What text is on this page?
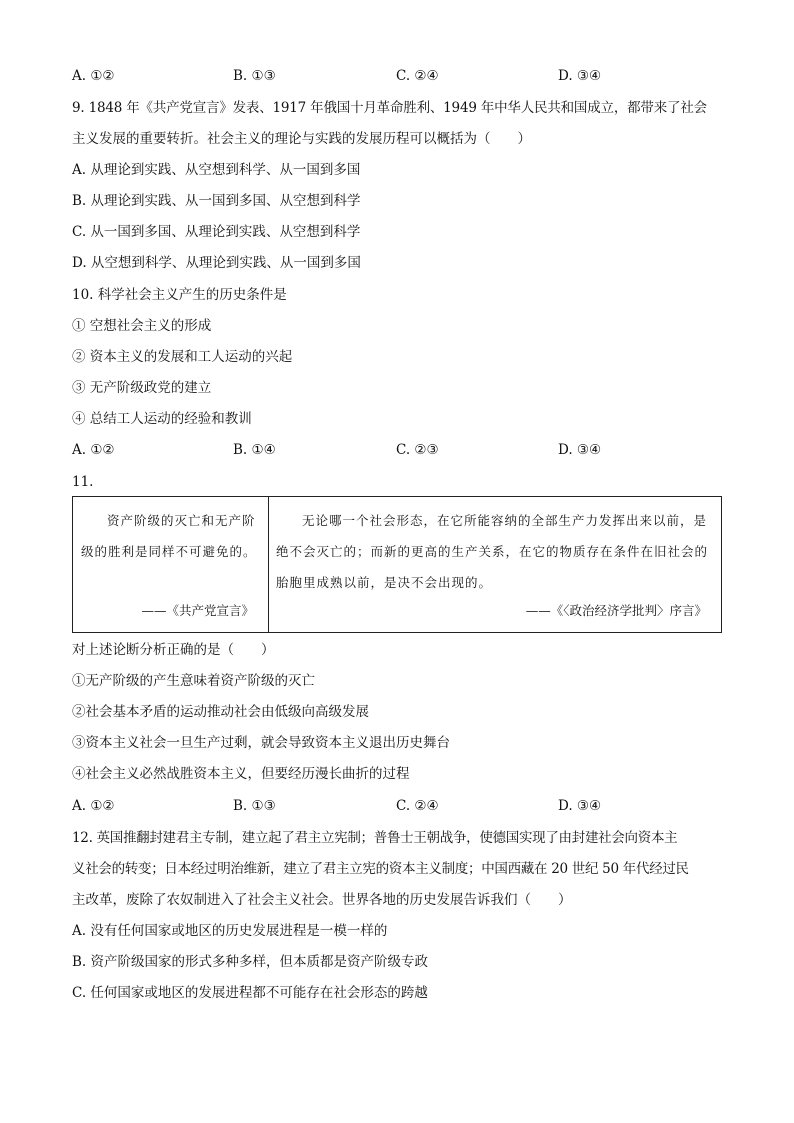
A. ①②	B. ①③	C. ②④	D. ③④
9. 1848 年《共产党宣言》发表、1917 年俄国十月革命胜利、1949 年中华人民共和国成立，都带来了社会
主义发展的重要转折。社会主义的理论与实践的发展历程可以概括为（　　）
A. 从理论到实践、从空想到科学、从一国到多国
B. 从理论到实践、从一国到多国、从空想到科学
C. 从一国到多国、从理论到实践、从空想到科学
D. 从空想到科学、从理论到实践、从一国到多国
10. 科学社会主义产生的历史条件是
① 空想社会主义的形成
② 资本主义的发展和工人运动的兴起
③ 无产阶级政党的建立
④ 总结工人运动的经验和教训
A. ①②	B. ①④	C. ②③	D. ③④
11.
资产阶级的灭亡和无产阶级的胜利是同样不可避免的。
——《共产党宣言》
无论哪一个社会形态，在它所能容纳的全部生产力发挥出来以前，是绝不会灭亡的；而新的更高的生产关系，在它的物质存在条件在旧社会的胎胞里成熟以前，是决不会出现的。
——《〈政治经济学批判〉序言》
对上述论断分析正确的是（　　）
①无产阶级的产生意味着资产阶级的灭亡
②社会基本矛盾的运动推动社会由低级向高级发展
③资本主义社会一旦生产过剩，就会导致资本主义退出历史舞台
④社会主义必然战胜资本主义，但要经历漫长曲折的过程
A. ①②	B. ①③	C. ②④	D. ③④
12. 英国推翻封建君主专制，建立起了君主立宪制；普鲁士王朝战争，使德国实现了由封建社会向资本主
义社会的转变；日本经过明治维新，建立了君主立宪的资本主义制度；中国西藏在 20 世纪 50 年代经过民
主改革，废除了农奴制进入了社会主义社会。世界各地的历史发展告诉我们（　　）
A. 没有任何国家或地区的历史发展进程是一模一样的
B. 资产阶级国家的形式多种多样，但本质都是资产阶级专政
C. 任何国家或地区的发展进程都不可能存在社会形态的跨越
